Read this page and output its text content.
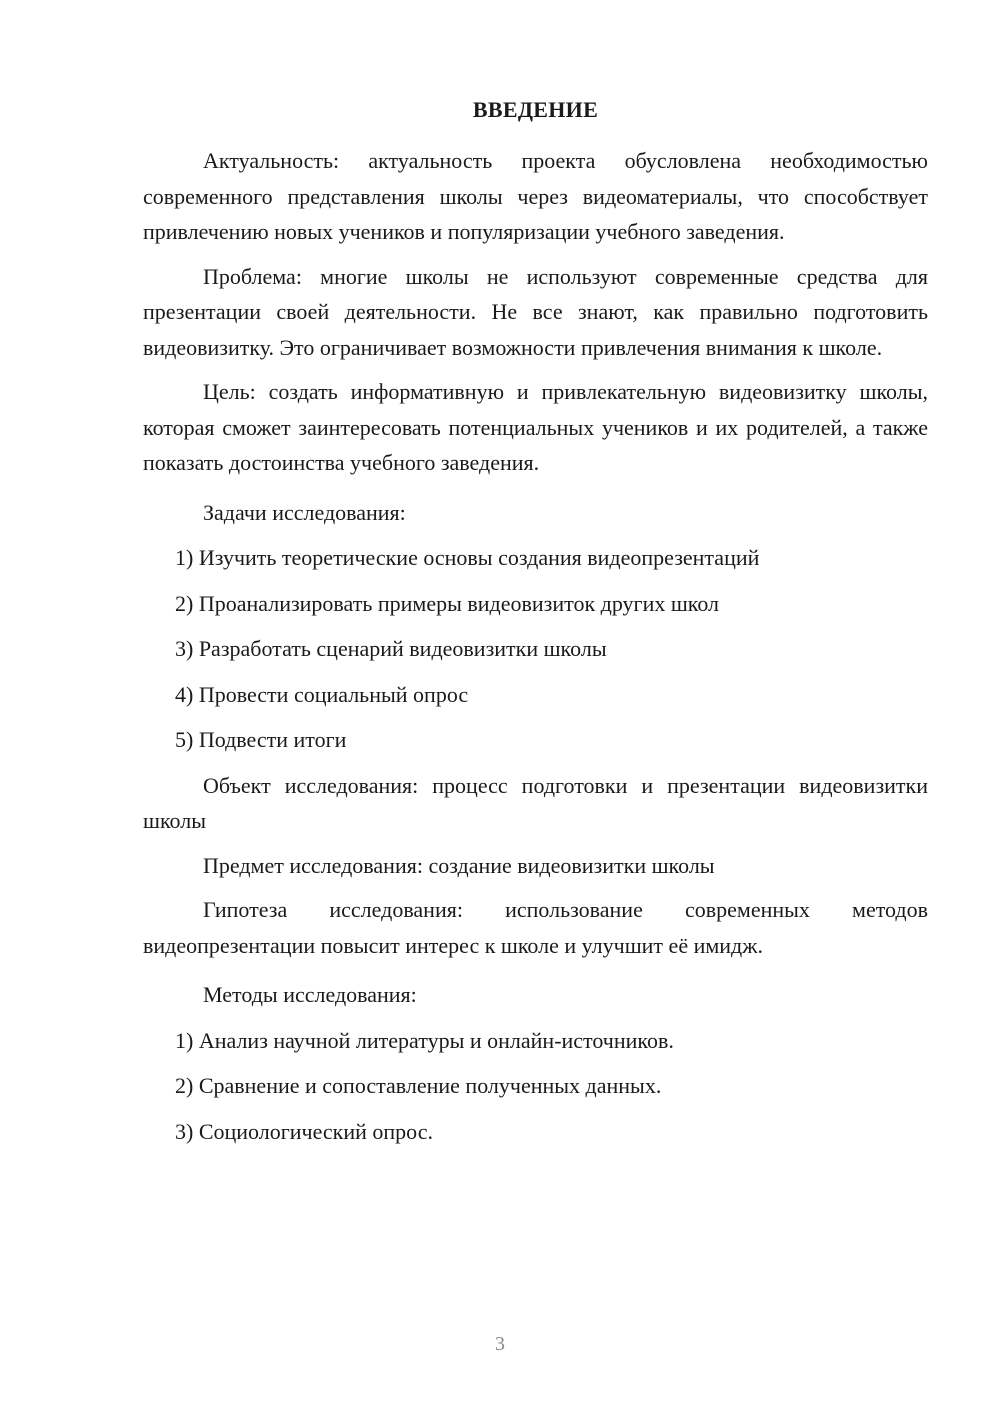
ВВЕДЕНИЕ

Актуальность: актуальность проекта обусловлена необходимостью современного представления школы через видеоматериалы, что способствует привлечению новых учеников и популяризации учебного заведения.

Проблема: многие школы не используют современные средства для презентации своей деятельности. Не все знают, как правильно подготовить видеовизитку. Это ограничивает возможности привлечения внимания к школе.

Цель: создать информативную и привлекательную видеовизитку школы, которая сможет заинтересовать потенциальных учеников и их родителей, а также показать достоинства учебного заведения.

Задачи исследования:
1) Изучить теоретические основы создания видеопрезентаций
2) Проанализировать примеры видеовизиток других школ
3) Разработать сценарий видеовизитки школы
4) Провести социальный опрос
5) Подвести итоги

Объект исследования: процесс подготовки и презентации видеовизитки школы

Предмет исследования: создание видеовизитки школы

Гипотеза исследования: использование современных методов видеопрезентации повысит интерес к школе и улучшит её имидж.

Методы исследования:
1) Анализ научной литературы и онлайн-источников.
2) Сравнение и сопоставление полученных данных.
3) Социологический опрос.
3
